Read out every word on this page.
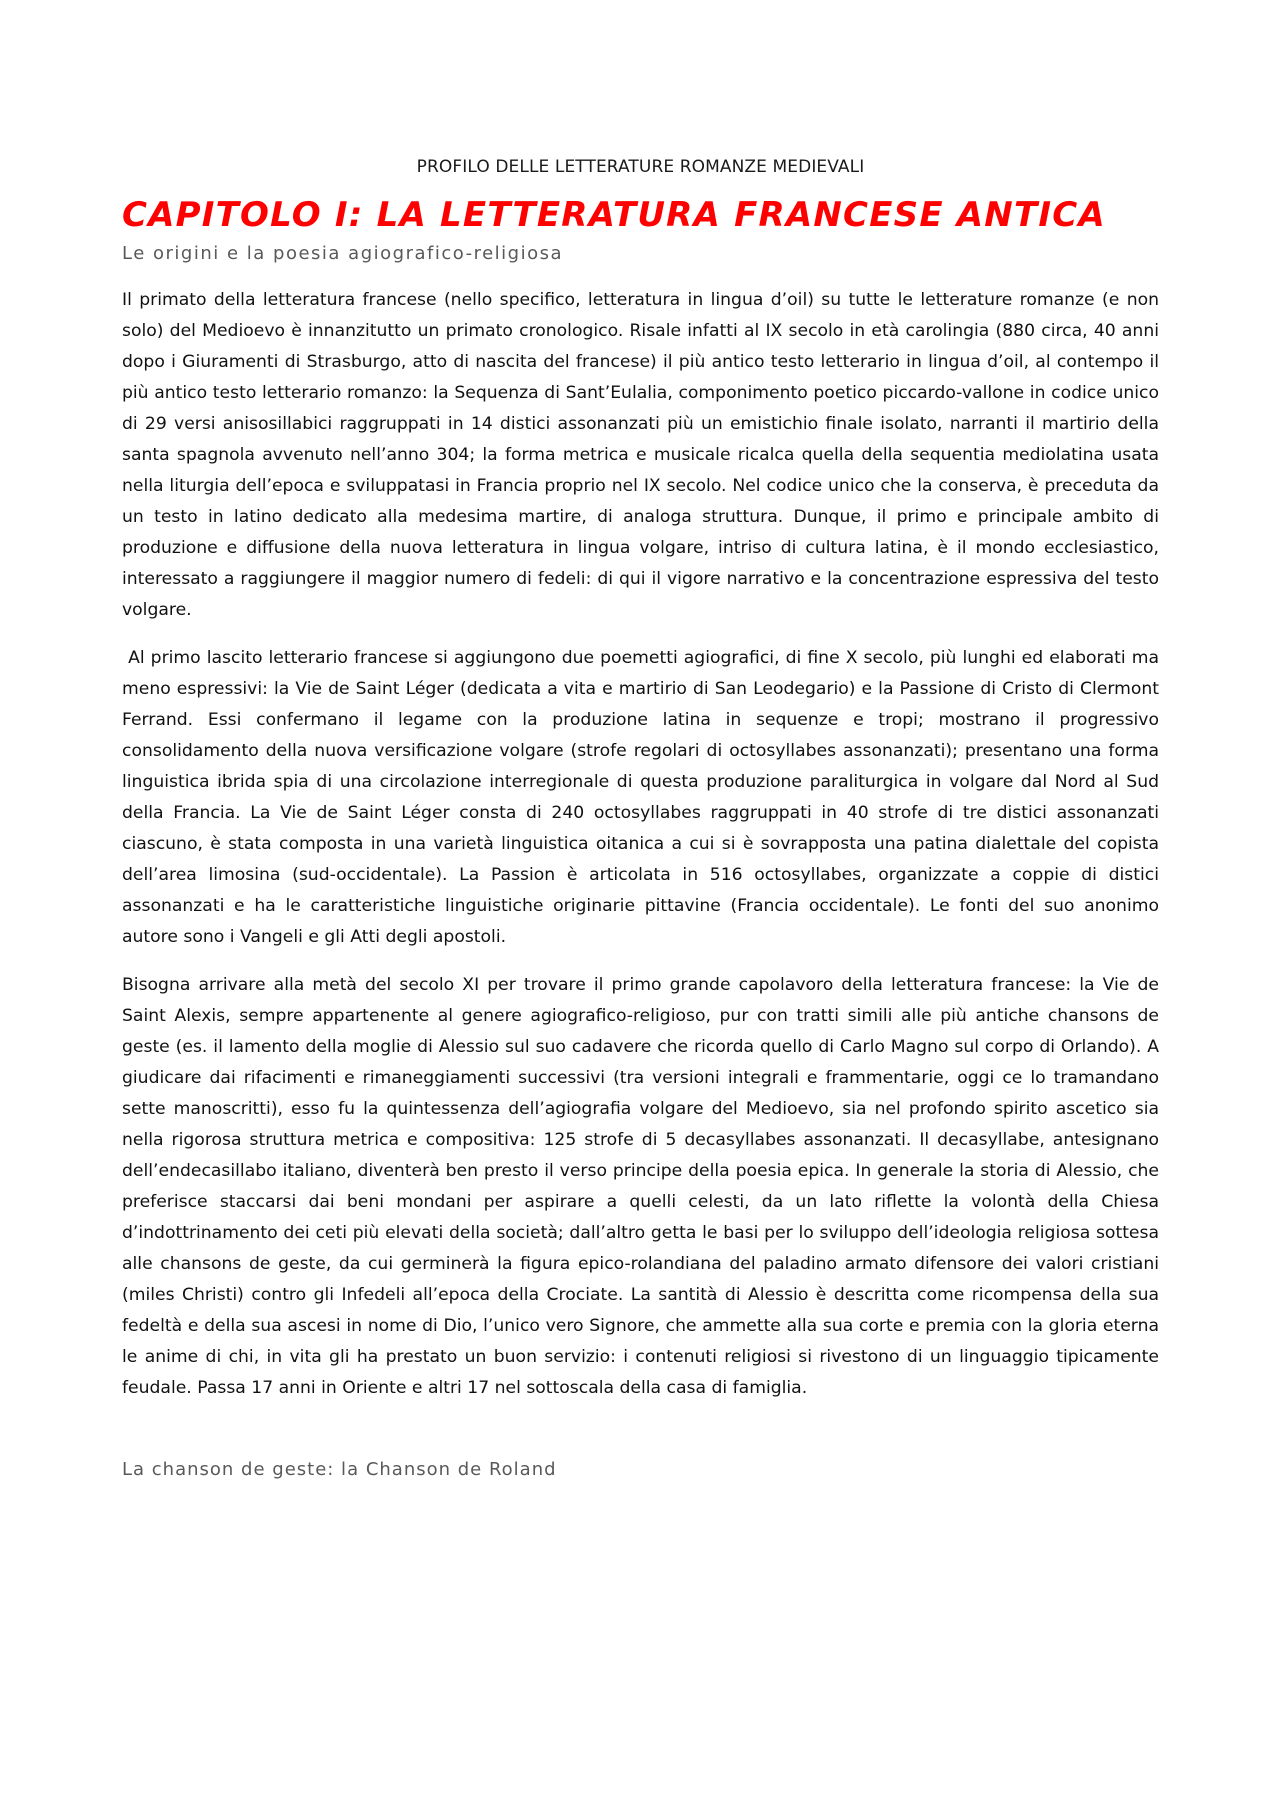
PROFILO DELLE LETTERATURE ROMANZE MEDIEVALI
CAPITOLO I: LA LETTERATURA FRANCESE ANTICA
Le origini e la poesia agiografico-religiosa

Il primato della letteratura francese (nello specifico, letteratura in lingua d’oil) su tutte le letterature romanze (e non solo) del Medioevo è innanzitutto un primato cronologico. Risale infatti al IX secolo in età carolingia (880 circa, 40 anni dopo i Giuramenti di Strasburgo, atto di nascita del francese) il più antico testo letterario in lingua d’oil, al contempo il più antico testo letterario romanzo: la Sequenza di Sant’Eulalia, componimento poetico piccardo-vallone in codice unico di 29 versi anisosillabici raggruppati in 14 distici assonanzati più un emistichio finale isolato, narranti il martirio della santa spagnola avvenuto nell’anno 304; la forma metrica e musicale ricalca quella della sequentia mediolatina usata nella liturgia dell’epoca e sviluppatasi in Francia proprio nel IX secolo. Nel codice unico che la conserva, è preceduta da un testo in latino dedicato alla medesima martire, di analoga struttura. Dunque, il primo e principale ambito di produzione e diffusione della nuova letteratura in lingua volgare, intriso di cultura latina, è il mondo ecclesiastico, interessato a raggiungere il maggior numero di fedeli: di qui il vigore narrativo e la concentrazione espressiva del testo volgare.

Al primo lascito letterario francese si aggiungono due poemetti agiografici, di fine X secolo, più lunghi ed elaborati ma meno espressivi: la Vie de Saint Léger (dedicata a vita e martirio di San Leodegario) e la Passione di Cristo di Clermont Ferrand. Essi confermano il legame con la produzione latina in sequenze e tropi; mostrano il progressivo consolidamento della nuova versificazione volgare (strofe regolari di octosyllabes assonanzati); presentano una forma linguistica ibrida spia di una circolazione interregionale di questa produzione paraliturgica in volgare dal Nord al Sud della Francia. La Vie de Saint Léger consta di 240 octosyllabes raggruppati in 40 strofe di tre distici assonanzati ciascuno, è stata composta in una varietà linguistica oitanica a cui si è sovrapposta una patina dialettale del copista dell’area limosina (sud-occidentale). La Passion è articolata in 516 octosyllabes, organizzate a coppie di distici assonanzati e ha le caratteristiche linguistiche originarie pittavine (Francia occidentale). Le fonti del suo anonimo autore sono i Vangeli e gli Atti degli apostoli.

Bisogna arrivare alla metà del secolo XI per trovare il primo grande capolavoro della letteratura francese: la Vie de Saint Alexis, sempre appartenente al genere agiografico-religioso, pur con tratti simili alle più antiche chansons de geste (es. il lamento della moglie di Alessio sul suo cadavere che ricorda quello di Carlo Magno sul corpo di Orlando). A giudicare dai rifacimenti e rimaneggiamenti successivi (tra versioni integrali e frammentarie, oggi ce lo tramandano sette manoscritti), esso fu la quintessenza dell’agiografia volgare del Medioevo, sia nel profondo spirito ascetico sia nella rigorosa struttura metrica e compositiva: 125 strofe di 5 decasyllabes assonanzati. Il decasyllabe, antesignano dell’endecasillabo italiano, diventerà ben presto il verso principe della poesia epica. In generale la storia di Alessio, che preferisce staccarsi dai beni mondani per aspirare a quelli celesti, da un lato riflette la volontà della Chiesa d’indottrinamento dei ceti più elevati della società; dall’altro getta le basi per lo sviluppo dell’ideologia religiosa sottesa alle chansons de geste, da cui germinerà la figura epico-rolandiana del paladino armato difensore dei valori cristiani (miles Christi) contro gli Infedeli all’epoca della Crociate. La santità di Alessio è descritta come ricompensa della sua fedeltà e della sua ascesi in nome di Dio, l’unico vero Signore, che ammette alla sua corte e premia con la gloria eterna le anime di chi, in vita gli ha prestato un buon servizio: i contenuti religiosi si rivestono di un linguaggio tipicamente feudale. Passa 17 anni in Oriente e altri 17 nel sottoscala della casa di famiglia.

La chanson de geste: la Chanson de Roland
